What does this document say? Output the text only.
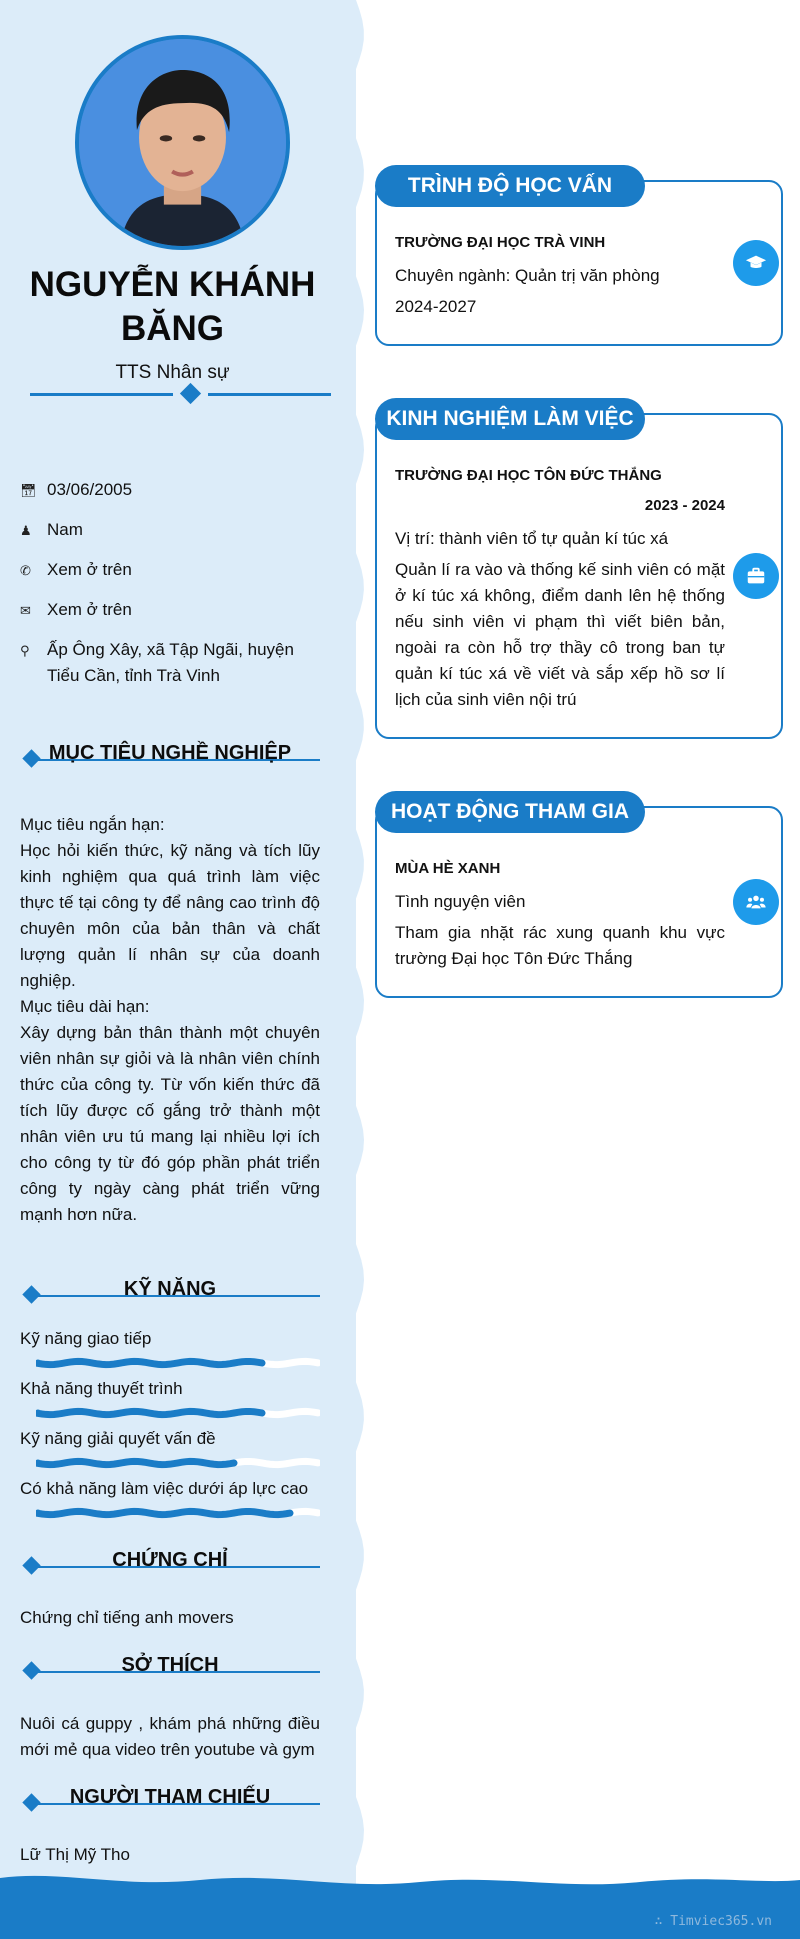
NGUYỄN KHÁNH
BĂNG
TTS Nhân sự
📅︎ 03/06/2005
♟ Nam
✆ Xem ở trên
✉ Xem ở trên
⚲	Ấp Ông Xây, xã Tập Ngãi, huyện Tiểu Cần, tỉnh Trà Vinh
MỤC TIÊU NGHỀ NGHIỆP
Mục tiêu ngắn hạn:
Học hỏi kiến thức, kỹ năng và tích lũy kinh nghiệm qua quá trình làm việc thực tế tại công ty để nâng cao trình độ chuyên môn của bản thân và chất lượng quản lí nhân sự của doanh nghiệp.
Mục tiêu dài hạn:
Xây dựng bản thân thành một chuyên viên nhân sự giỏi và là nhân viên chính thức của công ty. Từ vốn kiến thức đã tích lũy được cố gắng trở thành một nhân viên ưu tú mang lại nhiều lợi ích cho công ty từ đó góp phần phát triển công ty ngày càng phát triển vững mạnh hơn nữa.
KỸ NĂNG
Kỹ năng giao tiếp
Khả năng thuyết trình
Kỹ năng giải quyết vấn đề
Có khả năng làm việc dưới áp lực cao
CHỨNG CHỈ
Chứng chỉ tiếng anh movers
SỞ THÍCH
Nuôi cá guppy , khám phá những điều mới mẻ qua video trên youtube và gym
NGƯỜI THAM CHIẾU
Lữ Thị Mỹ Tho
TRÌNH ĐỘ HỌC VẤN
TRƯỜNG ĐẠI HỌC TRÀ VINH
Chuyên ngành: Quản trị văn phòng
2024-2027
KINH NGHIỆM LÀM VIỆC
TRƯỜNG ĐẠI HỌC TÔN ĐỨC THẮNG
2023 - 2024
Vị trí: thành viên tổ tự quản kí túc xá
Quản lí ra vào và thống kế sinh viên có mặt ở kí túc xá không, điểm danh lên hệ thống nếu sinh viên vi phạm thì viết biên bản, ngoài ra còn hỗ trợ thầy cô trong ban tự quản kí túc xá về viết và sắp xếp hồ sơ lí lịch của sinh viên nội trú
HOẠT ĐỘNG THAM GIA
MÙA HÈ XANH
Tình nguyện viên
Tham gia nhặt rác xung quanh khu vực trường Đại học Tôn Đức Thắng
∴ Timviec365.vn
